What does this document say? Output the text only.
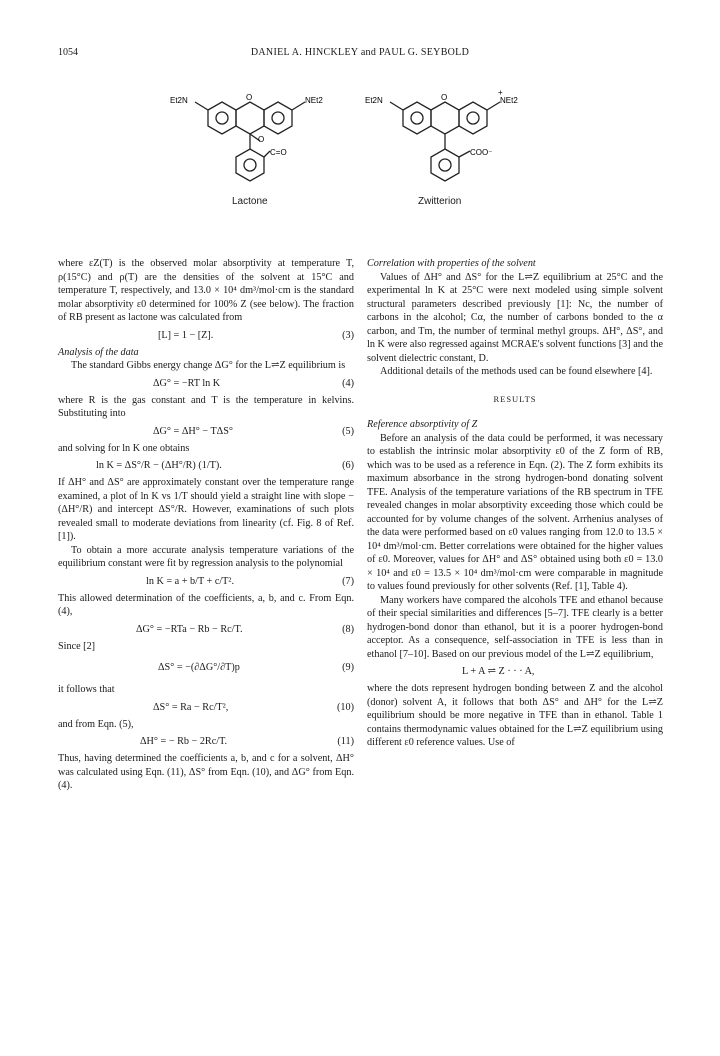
1054	DANIEL A. HINCKLEY and PAUL G. SEYBOLD
Et2N	NEt2
O
O
C=O
Et2N
+
NEt2
O
COO⁻
Lactone	Zwitterion

where εZ(T) is the observed molar absorptivity at temperature T, ρ(15°C) and ρ(T) are the densities of the solvent at 15°C and temperature T, respectively, and 13.0 × 10⁴ dm³/mol·cm is the standard molar absorptivity ε0 determined for 100% Z (see below). The fraction of RB present as lactone was calculated from

[L] = 1 − [Z].	(3)

Analysis of the data

The standard Gibbs energy change ΔG° for the L⇌Z equilibrium is

ΔG° = −RT ln K	(4)

where R is the gas constant and T is the temperature in kelvins. Substituting into

ΔG° = ΔH° − TΔS°	(5)

and solving for ln K one obtains

ln K = ΔS°/R − (ΔH°/R) (1/T).	(6)

If ΔH° and ΔS° are approximately constant over the temperature range examined, a plot of ln K vs 1/T should yield a straight line with slope −(ΔH°/R) and intercept ΔS°/R. However, examinations of such plots revealed small to moderate deviations from linearity (cf. Fig. 8 of Ref. [1]).

To obtain a more accurate analysis temperature variations of the equilibrium constant were fit by regression analysis to the polynomial

ln K = a + b/T + c/T².	(7)

This allowed determination of the coefficients, a, b, and c. From Eqn. (4),

ΔG° = −RTa − Rb − Rc/T.	(8)

Since [2]

ΔS° = −(∂ΔG°/∂T)p	(9)

it follows that

ΔS° = Ra − Rc/T²,	(10)

and from Eqn. (5),

ΔH° = − Rb − 2Rc/T.	(11)

Thus, having determined the coefficients a, b, and c for a solvent, ΔH° was calculated using Eqn. (11), ΔS° from Eqn. (10), and ΔG° from Eqn. (4).

Correlation with properties of the solvent

Values of ΔH° and ΔS° for the L⇌Z equilibrium at 25°C and the experimental ln K at 25°C were next modeled using simple solvent structural parameters described previously [1]: Nc, the number of carbons in the alcohol; Cα, the number of carbons bonded to the α carbon, and Tm, the number of terminal methyl groups. ΔH°, ΔS°, and ln K were also regressed against MCRAE's solvent functions [3] and the solvent dielectric constant, D.

Additional details of the methods used can be found elsewhere [4].

RESULTS

Reference absorptivity of Z

Before an analysis of the data could be performed, it was necessary to establish the intrinsic molar absorptivity ε0 of the Z form of RB, which was to be used as a reference in Eqn. (2). The Z form exhibits its maximum absorbance in the strong hydrogen-bond donating solvent TFE. Analysis of the temperature variations of the RB spectrum in TFE revealed changes in molar absorptivity exceeding those which could be accounted for by volume changes of the solvent. Arrhenius analyses of the data were performed based on ε0 values ranging from 12.0 to 13.5 × 10⁴ dm³/mol·cm. Better correlations were obtained for the higher values of ε0. Moreover, values for ΔH° and ΔS° obtained using both ε0 = 13.0 × 10⁴ and ε0 = 13.5 × 10⁴ dm³/mol·cm were comparable in magnitude to values found previously for other solvents (Ref. [1], Table 4).

Many workers have compared the alcohols TFE and ethanol because of their special similarities and differences [5–7]. TFE clearly is a better hydrogen-bond donor than ethanol, but it is a poorer hydrogen-bond acceptor. As a consequence, self-association in TFE is less than in ethanol [7–10]. Based on our previous model of the L⇌Z equilibrium,

L + A ⇌ Z · · · A,

where the dots represent hydrogen bonding between Z and the alcohol (donor) solvent A, it follows that both ΔS° and ΔH° for the L⇌Z equilibrium should be more negative in TFE than in ethanol. Table 1 contains thermodynamic values obtained for the L⇌Z equilibrium using different ε0 reference values. Use of
